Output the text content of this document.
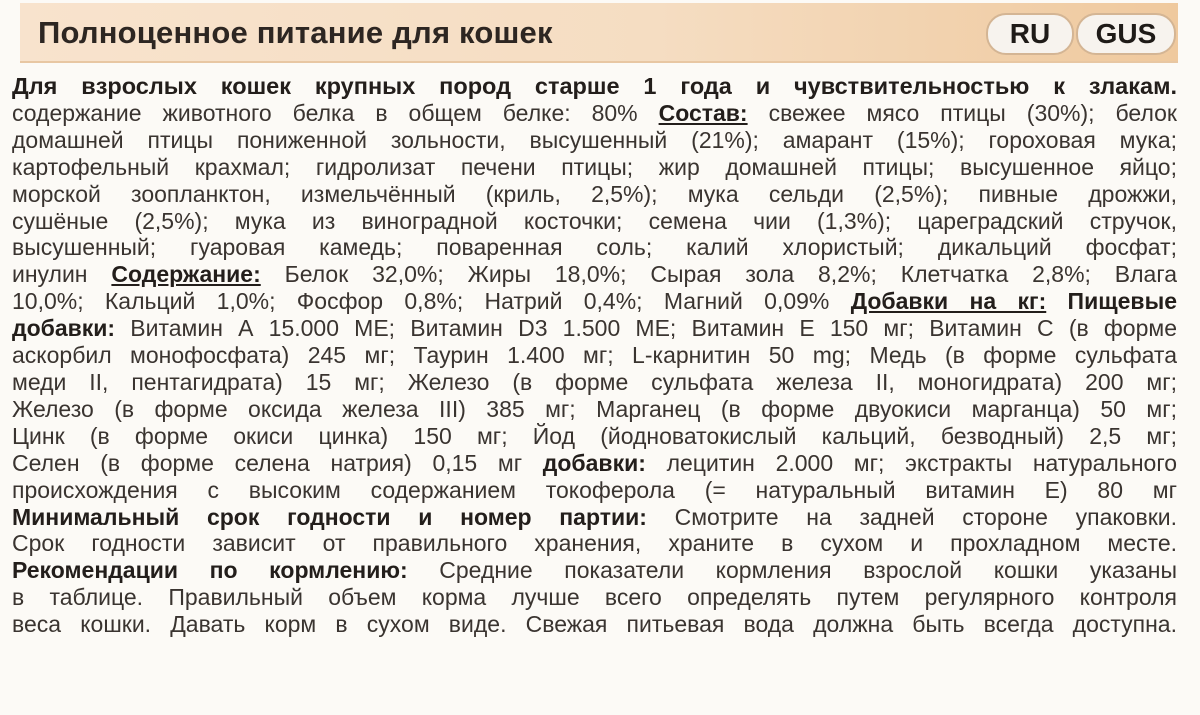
Полноценное питание для кошек	RU	GUS
Для взрослых кошек крупных пород старше 1 года и чувствительностью к злакам.
содержание животного белка в общем белке: 80% Состав: свежее мясо птицы (30%); белок
домашней птицы пониженной зольности, высушенный (21%); амарант (15%); гороховая мука;
картофельный крахмал; гидролизат печени птицы; жир домашней птицы; высушенное яйцо;
морской зоопланктон, измельчённый (криль, 2,5%); мука сельди (2,5%); пивные дрожжи,
сушёные (2,5%); мука из виноградной косточки; семена чии (1,3%); цареградский стручок,
высушенный; гуаровая камедь; поваренная соль; калий хлористый; дикальций фосфат;
инулин Содержание: Белок 32,0%; Жиры 18,0%; Сырая зола 8,2%; Клетчатка 2,8%; Влага
10,0%; Кальций 1,0%; Фосфор 0,8%; Натрий 0,4%; Магний 0,09% Добавки на кг: Пищевые
добавки: Витамин А 15.000 МЕ; Витамин D3 1.500 МЕ; Витамин Е 150 мг; Витамин С (в форме
аскорбил монофосфата) 245 мг; Таурин 1.400 мг; L-карнитин 50 mg; Медь (в форме сульфата
меди II, пентагидрата) 15 мг; Железо (в форме сульфата железа II, моногидрата) 200 мг;
Железо (в форме оксида железа III) 385 мг; Марганец (в форме двуокиси марганца) 50 мг;
Цинк (в форме окиси цинка) 150 мг; Йод (йодноватокислый кальций, безводный) 2,5 мг;
Селен (в форме селена натрия) 0,15 мг добавки: лецитин 2.000 мг; экстракты натурального
происхождения с высоким содержанием токоферола (= натуральный витамин Е) 80 мг
Минимальный срок годности и номер партии: Смотрите на задней стороне упаковки.
Срок годности зависит от правильного хранения, храните в сухом и прохладном месте.
Рекомендации по кормлению: Средние показатели кормления взрослой кошки указаны
в таблице. Правильный объем корма лучше всего определять путем регулярного контроля
веса кошки. Давать корм в сухом виде. Свежая питьевая вода должна быть всегда доступна.
